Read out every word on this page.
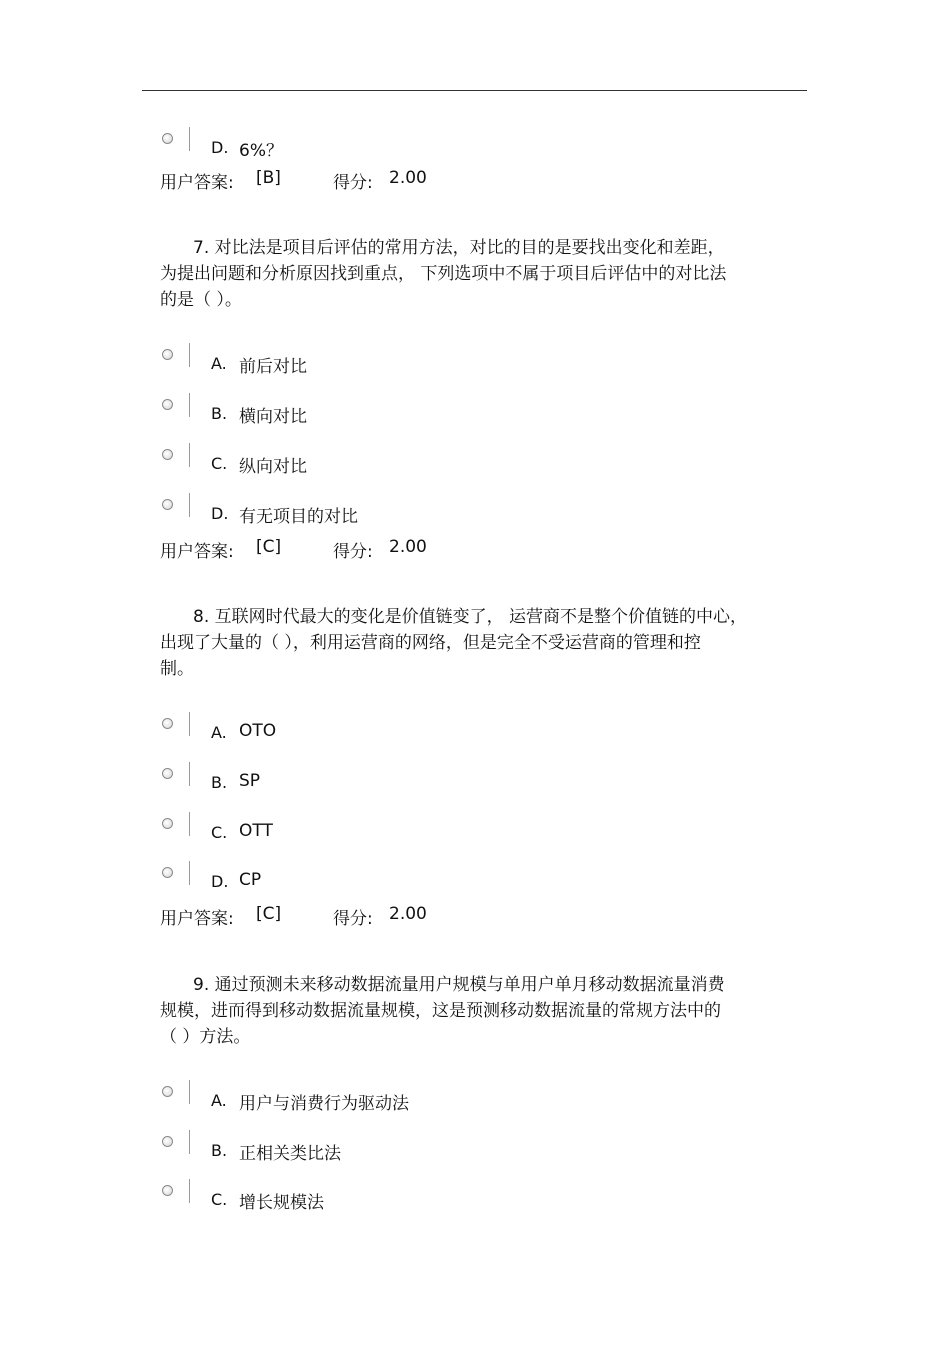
D. 6%？
用户答案: [B]	得分: 2.00
7. 对比法是项目后评估的常用方法，对比的目的是要找出变化和差距，
为提出问题和分析原因找到重点， 下列选项中不属于项目后评估中的对比法
的是（ ）。
A. 前后对比
B. 横向对比
C. 纵向对比
D. 有无项目的对比
用户答案: [C]	得分: 2.00
8. 互联网时代最大的变化是价值链变了， 运营商不是整个价值链的中心，
出现了大量的（ ），利用运营商的网络，但是完全不受运营商的管理和控
制。
A. OTO
B. SP
C. OTT
D. CP
用户答案: [C]	得分: 2.00
9. 通过预测未来移动数据流量用户规模与单用户单月移动数据流量消费
规模，进而得到移动数据流量规模，这是预测移动数据流量的常规方法中的
（ ）方法。
A. 用户与消费行为驱动法
B. 正相关类比法
C. 增长规模法
